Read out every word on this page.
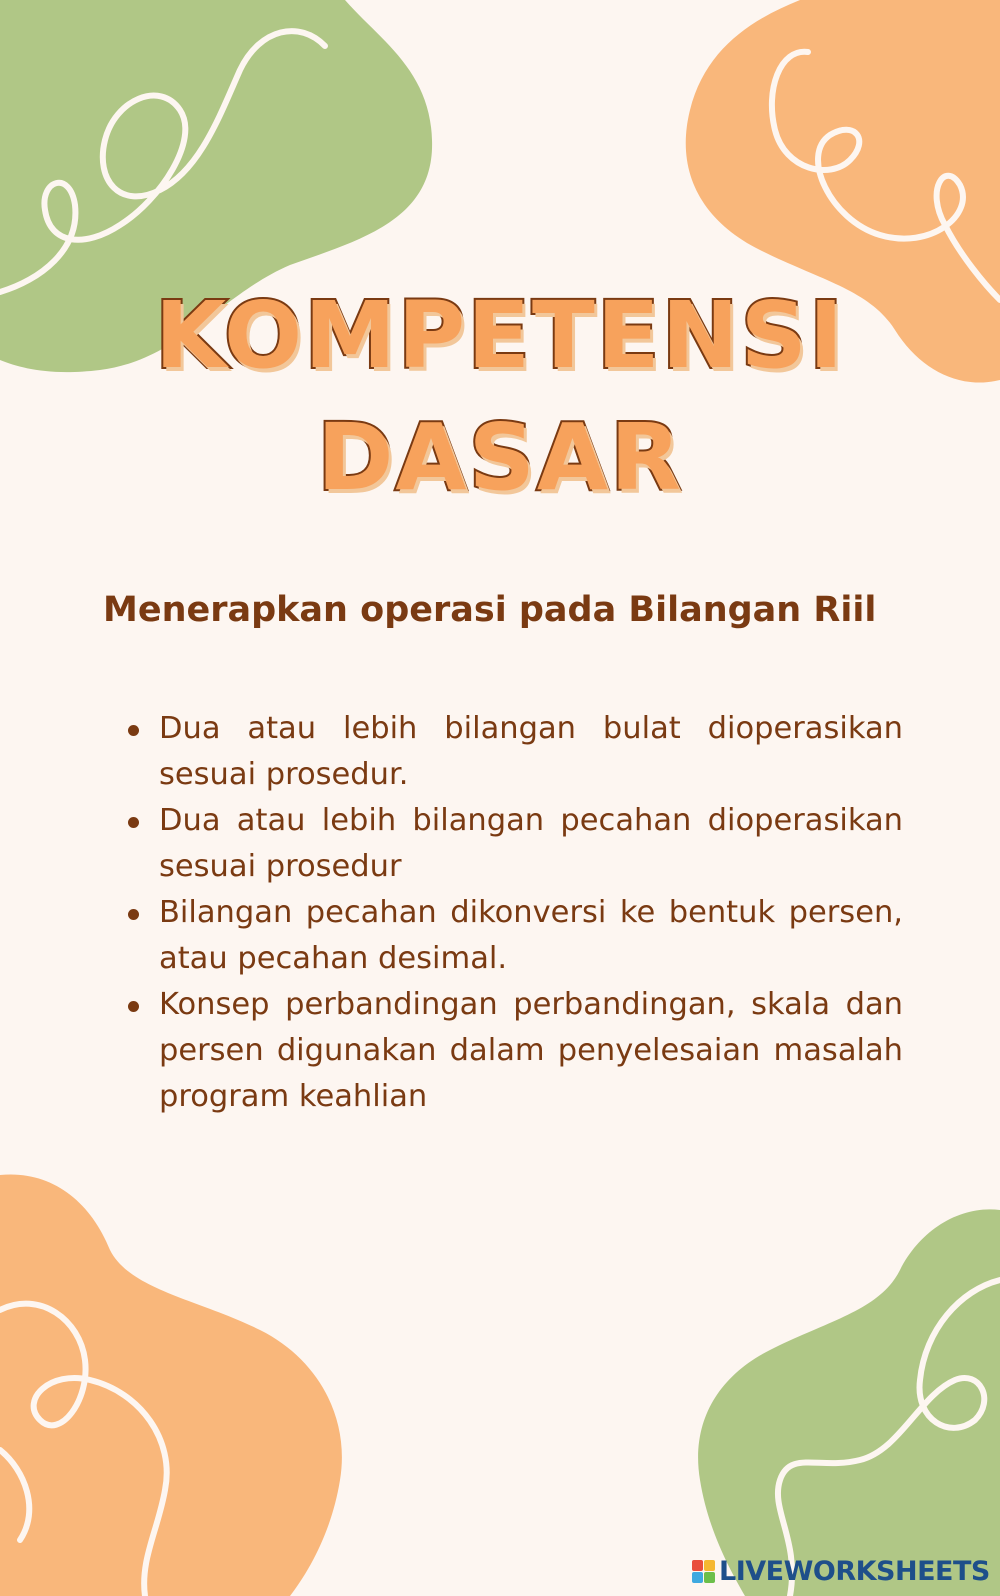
KOMPETENSI
DASAR
Menerapkan operasi pada Bilangan Riil
Dua atau lebih bilangan bulat dioperasikan sesuai prosedur.
Dua atau lebih bilangan pecahan dioperasikan sesuai prosedur
Bilangan pecahan dikonversi ke bentuk persen, atau pecahan desimal.
Konsep perbandingan perbandingan, skala dan persen digunakan dalam penyelesaian masalah program keahlian
LIVEWORKSHEETS
